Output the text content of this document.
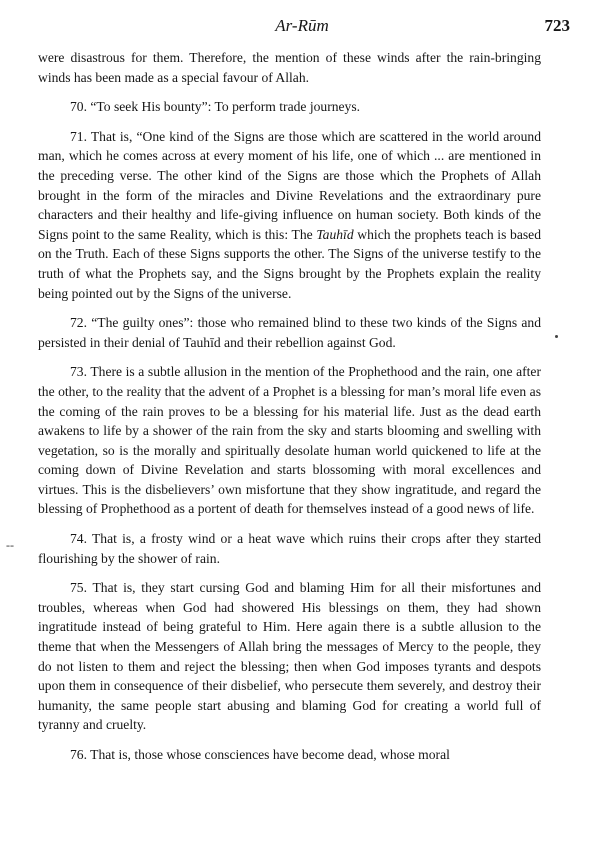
Ar-Rūm	723
--

were disastrous for them. Therefore, the mention of these winds after the rain-bringing winds has been made as a special favour of Allah.

70. “To seek His bounty”: To perform trade journeys.

71. That is, “One kind of the Signs are those which are scattered in the world around man, which he comes across at every moment of his life, one of which ... are mentioned in the preceding verse. The other kind of the Signs are those which the Prophets of Allah brought in the form of the miracles and Divine Revelations and the extraordinary pure characters and their healthy and life-giving influence on human society. Both kinds of the Signs point to the same Reality, which is this: The Tauhīd which the prophets teach is based on the Truth. Each of these Signs supports the other. The Signs of the universe testify to the truth of what the Prophets say, and the Signs brought by the Prophets explain the reality being pointed out by the Signs of the universe.

72. “The guilty ones”: those who remained blind to these two kinds of the Signs and persisted in their denial of Tauhīd and their rebellion against God.

73. There is a subtle allusion in the mention of the Prophethood and the rain, one after the other, to the reality that the advent of a Prophet is a blessing for man’s moral life even as the coming of the rain proves to be a blessing for his material life. Just as the dead earth awakens to life by a shower of the rain from the sky and starts blooming and swelling with vegetation, so is the morally and spiritually desolate human world quickened to life at the coming down of Divine Revelation and starts blossoming with moral excellences and virtues. This is the disbelievers’ own misfortune that they show ingratitude, and regard the blessing of Prophethood as a portent of death for themselves instead of a good news of life.

74. That is, a frosty wind or a heat wave which ruins their crops after they started flourishing by the shower of rain.

75. That is, they start cursing God and blaming Him for all their misfortunes and troubles, whereas when God had showered His blessings on them, they had shown ingratitude instead of being grateful to Him. Here again there is a subtle allusion to the theme that when the Messengers of Allah bring the messages of Mercy to the people, they do not listen to them and reject the blessing; then when God imposes tyrants and despots upon them in consequence of their disbelief, who persecute them severely, and destroy their humanity, the same people start abusing and blaming God for creating a world full of tyranny and cruelty.

76. That is, those whose consciences have become dead, whose moral
